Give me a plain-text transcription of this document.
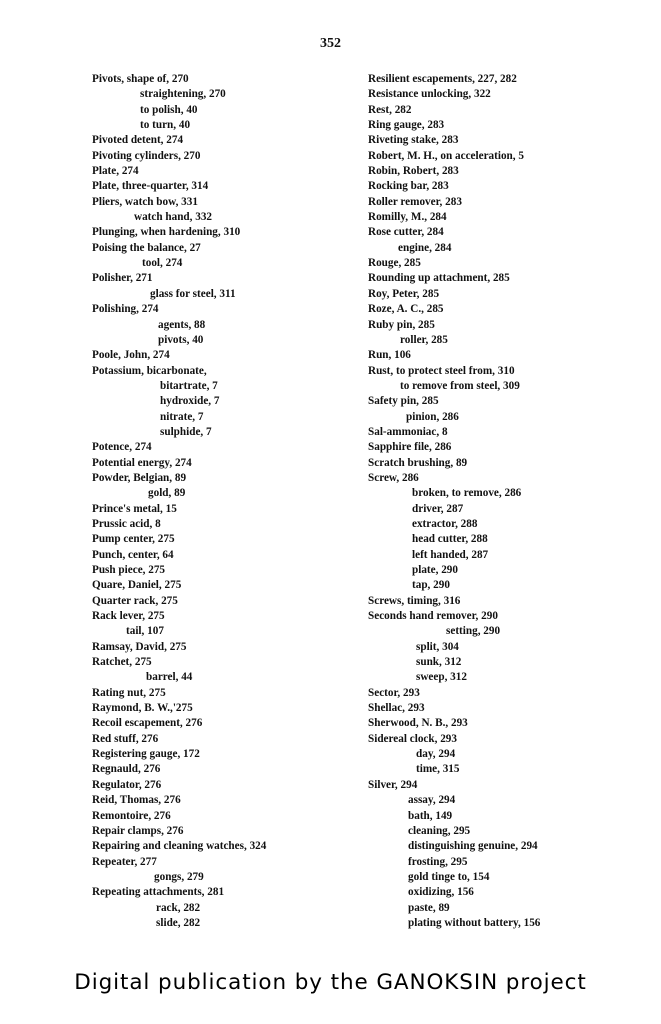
352
Pivots, shape of, 270
straightening, 270
to polish, 40
to turn, 40
Pivoted detent, 274
Pivoting cylinders, 270
Plate, 274
Plate, three-quarter, 314
Pliers, watch bow, 331
watch hand, 332
Plunging, when hardening, 310
Poising the balance, 27
tool, 274
Polisher, 271
glass for steel, 311
Polishing, 274
agents, 88
pivots, 40
Poole, John, 274
Potassium, bicarbonate,
bitartrate, 7
hydroxide, 7
nitrate, 7
sulphide, 7
Potence, 274
Potential energy, 274
Powder, Belgian, 89
gold, 89
Prince's metal, 15
Prussic acid, 8
Pump center, 275
Punch, center, 64
Push piece, 275
Quare, Daniel, 275
Quarter rack, 275
Rack lever, 275
tail, 107
Ramsay, David, 275
Ratchet, 275
barrel, 44
Rating nut, 275
Raymond, B. W.,'275
Recoil escapement, 276
Red stuff, 276
Registering gauge, 172
Regnauld, 276
Regulator, 276
Reid, Thomas, 276
Remontoire, 276
Repair clamps, 276
Repairing and cleaning watches, 324
Repeater, 277
gongs, 279
Repeating attachments, 281
rack, 282
slide, 282
Resilient escapements, 227, 282
Resistance unlocking, 322
Rest, 282
Ring gauge, 283
Riveting stake, 283
Robert, M. H., on acceleration, 5
Robin, Robert, 283
Rocking bar, 283
Roller remover, 283
Romilly, M., 284
Rose cutter, 284
engine, 284
Rouge, 285
Rounding up attachment, 285
Roy, Peter, 285
Roze, A. C., 285
Ruby pin, 285
roller, 285
Run, 106
Rust, to protect steel from, 310
to remove from steel, 309
Safety pin, 285
pinion, 286
Sal-ammoniac, 8
Sapphire file, 286
Scratch brushing, 89
Screw, 286
broken, to remove, 286
driver, 287
extractor, 288
head cutter, 288
left handed, 287
plate, 290
tap, 290
Screws, timing, 316
Seconds hand remover, 290
setting, 290
split, 304
sunk, 312
sweep, 312
Sector, 293
Shellac, 293
Sherwood, N. B., 293
Sidereal clock, 293
day, 294
time, 315
Silver, 294
assay, 294
bath, 149
cleaning, 295
distinguishing genuine, 294
frosting, 295
gold tinge to, 154
oxidizing, 156
paste, 89
plating without battery, 156
Digital publication by the GANOKSIN project
